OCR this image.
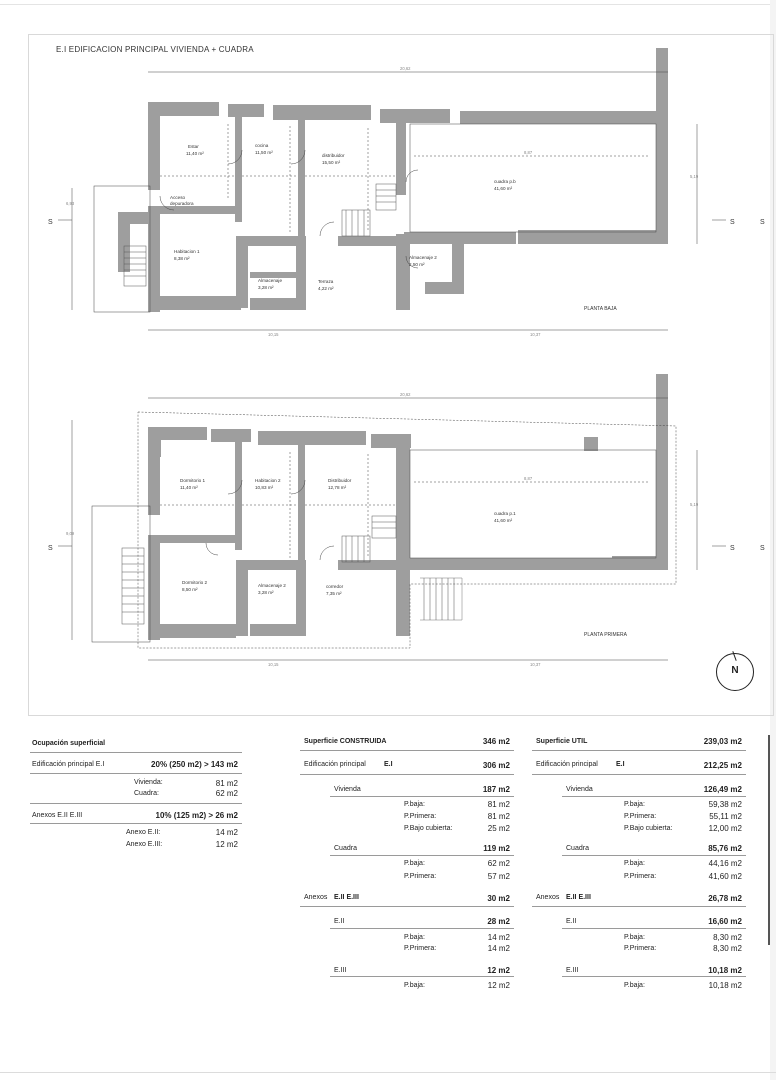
E.I EDIFICACION PRINCIPAL VIVIENDA + CUADRA
Estar
11,40 m²
cocina
11,50 m²
distribuidor
15,50 m²
cuadra p.b
41,60 m²
Habitacion 1
8,38 m²
Almacenaje
3,28 m²
Terraza
4,22 m²
Almacenaje 2
2,50 m²
Acceso
depuradora
20,62
10,15	10,37
6,93
8,87
5,19
PLANTA BAJA
S	S	S
Dormitorio 1
11,40 m²
Habitacion 2
10,83 m²
Distribuidor
12,78 m²
cuadra p.1
41,60 m²
Dormitorio 2
8,50 m²
Almacenaje 2
3,28 m²
corredor
7,35 m²
20,62
10,15	10,37
9,09
8,87
5,19
PLANTA PRIMERA
S	S	S
N
Ocupación superficial
Edificación principal E.I	20% (250 m2) > 143 m2
Vivienda:	81 m2
Cuadra:	62 m2
Anexos E.II E.III	10% (125 m2) > 26 m2
Anexo E.II:	14 m2
Anexo E.III:	12 m2
Superficie CONSTRUIDA	346 m2
Edificación principal	E.I	306 m2
Vivienda	187 m2
P.baja:	81 m2
P.Primera:	81 m2
P.Bajo cubierta:	25 m2
Cuadra	119 m2
P.baja:	62 m2
P.Primera:	57 m2
Anexos E.II E.III	30 m2
E.II	28 m2
P.baja:	14 m2
P.Primera:	14 m2
E.III	12 m2
P.baja:	12 m2
Superficie UTIL	239,03 m2
Edificación principal	E.I	212,25 m2
Vivienda	126,49 m2
P.baja:	59,38 m2
P.Primera:	55,11 m2
P.Bajo cubierta:	12,00 m2
Cuadra	85,76 m2
P.baja:	44,16 m2
P.Primera:	41,60 m2
Anexos E.II E.III	26,78 m2
E.II	16,60 m2
P.baja:	8,30 m2
P.Primera:	8,30 m2
E.III	10,18 m2
P.baja:	10,18 m2
